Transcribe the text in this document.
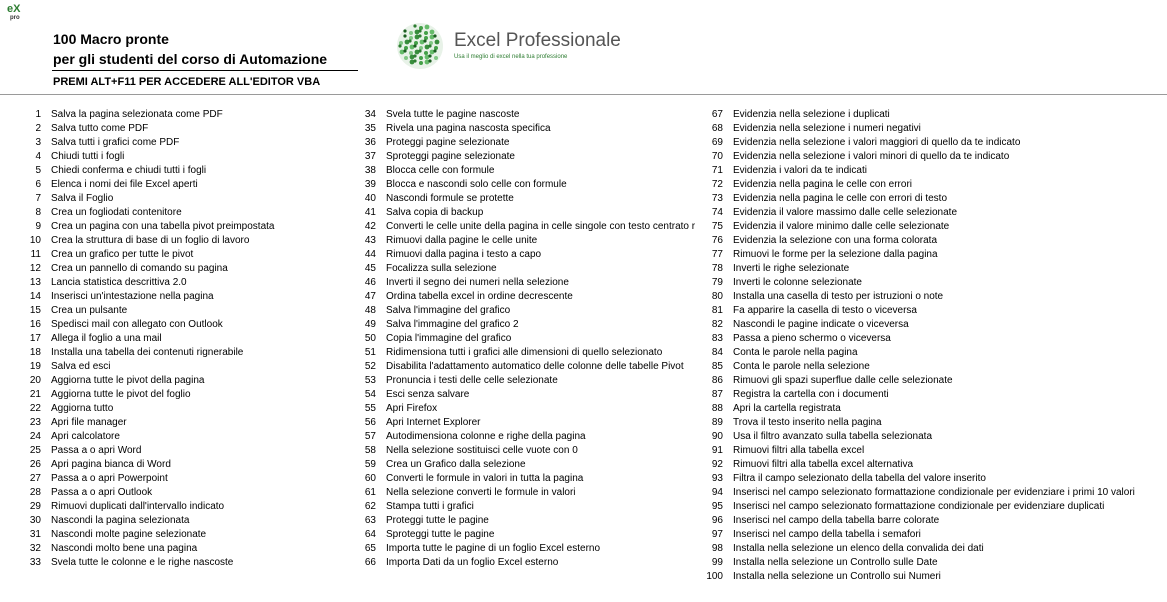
eX
pro
100 Macro pronte
per gli studenti del corso di Automazione
PREMI ALT+F11 PER ACCEDERE ALL'EDITOR VBA
Excel Professionale
Usa il meglio di excel nella tua professione
1 Salva la pagina selezionata come PDF
2 Salva tutto come PDF
3 Salva tutti i grafici come PDF
4 Chiudi tutti i fogli
5 Chiedi conferma e chiudi tutti i fogli
6 Elenca i nomi dei file Excel aperti
7 Salva il Foglio
8 Crea un fogliodati contenitore
9 Crea un pagina con una tabella pivot preimpostata
10 Crea la struttura di base di un foglio di lavoro
11 Crea un grafico per tutte le pivot
12 Crea un pannello di comando su pagina
13 Lancia statistica descrittiva 2.0
14 Inserisci un'intestazione nella pagina
15 Crea un pulsante
16 Spedisci mail con allegato con Outlook
17 Allega il foglio a una mail
18 Installa una tabella dei contenuti rignerabile
19 Salva ed esci
20 Aggiorna tutte le pivot della pagina
21 Aggiorna tutte le pivot del foglio
22 Aggiorna tutto
23 Apri file manager
24 Apri calcolatore
25 Passa a o apri Word
26 Apri pagina bianca di Word
27 Passa a o apri Powerpoint
28 Passa a o apri Outlook
29 Rimuovi duplicati dall'intervallo indicato
30 Nascondi la pagina selezionata
31 Nascondi molte pagine selezionate
32 Nascondi molto bene una pagina
33 Svela tutte le colonne e le righe nascoste
34 Svela tutte le pagine nascoste
35 Rivela una pagina nascosta specifica
36 Proteggi pagine selezionate
37 Sproteggi pagine selezionate
38 Blocca celle con formule
39 Blocca e nascondi solo celle con formule
40 Nascondi formule se protette
41 Salva copia di backup
42 Converti le celle unite della pagina in celle singole con testo centrato r
43 Rimuovi dalla pagine le celle unite
44 Rimuovi dalla pagina i testo a capo
45 Focalizza sulla selezione
46 Inverti il segno dei numeri nella selezione
47 Ordina tabella excel in ordine decrescente
48 Salva l'immagine del grafico
49 Salva l'immagine del grafico 2
50 Copia l'immagine del grafico
51 Ridimensiona tutti i grafici alle dimensioni di quello selezionato
52 Disabilita l'adattamento automatico delle colonne delle tabelle Pivot
53 Pronuncia i testi delle celle selezionate
54 Esci senza salvare
55 Apri Firefox
56 Apri Internet Explorer
57 Autodimensiona colonne e righe della pagina
58 Nella selezione sostituisci celle vuote con 0
59 Crea un Grafico dalla selezione
60 Converti le formule in valori in tutta la pagina
61 Nella selezione converti le formule in valori
62 Stampa tutti i grafici
63 Proteggi tutte le pagine
64 Sproteggi tutte le pagine
65 Importa tutte le pagine di un foglio Excel esterno
66 Importa Dati da un foglio Excel esterno
67 Evidenzia nella selezione i duplicati
68 Evidenzia nella selezione i numeri negativi
69 Evidenzia nella selezione i valori maggiori di quello da te indicato
70 Evidenzia nella selezione i valori minori di quello da te indicato
71 Evidenzia i valori da te indicati
72 Evidenzia nella pagina le celle con errori
73 Evidenzia nella pagina le celle con errori di testo
74 Evidenzia il valore massimo dalle celle selezionate
75 Evidenzia il valore minimo dalle celle selezionate
76 Evidenzia la selezione con una forma colorata
77 Rimuovi le forme per la selezione dalla pagina
78 Inverti le righe selezionate
79 Inverti le colonne selezionate
80 Installa una casella di testo per istruzioni o note
81 Fa apparire la casella di testo o viceversa
82 Nascondi le pagine indicate o viceversa
83 Passa a pieno schermo o viceversa
84 Conta le parole nella pagina
85 Conta le parole nella selezione
86 Rimuovi gli spazi superflue dalle celle selezionate
87 Registra la cartella con i documenti
88 Apri la cartella registrata
89 Trova il testo inserito nella pagina
90 Usa il filtro avanzato sulla tabella selezionata
91 Rimuovi filtri alla tabella excel
92 Rimuovi filtri alla tabella excel alternativa
93 Filtra il campo selezionato della tabella del valore inserito
94 Inserisci nel campo selezionato formattazione condizionale per evidenziare i primi 10 valori
95 Inserisci nel campo selezionato formattazione condizionale per evidenziare duplicati
96 Inserisci nel campo della tabella barre colorate
97 Inserisci nel campo della tabella i semafori
98 Installa nella selezione un elenco della convalida dei dati
99 Installa nella selezione un Controllo sulle Date
100 Installa nella selezione un Controllo sui Numeri
